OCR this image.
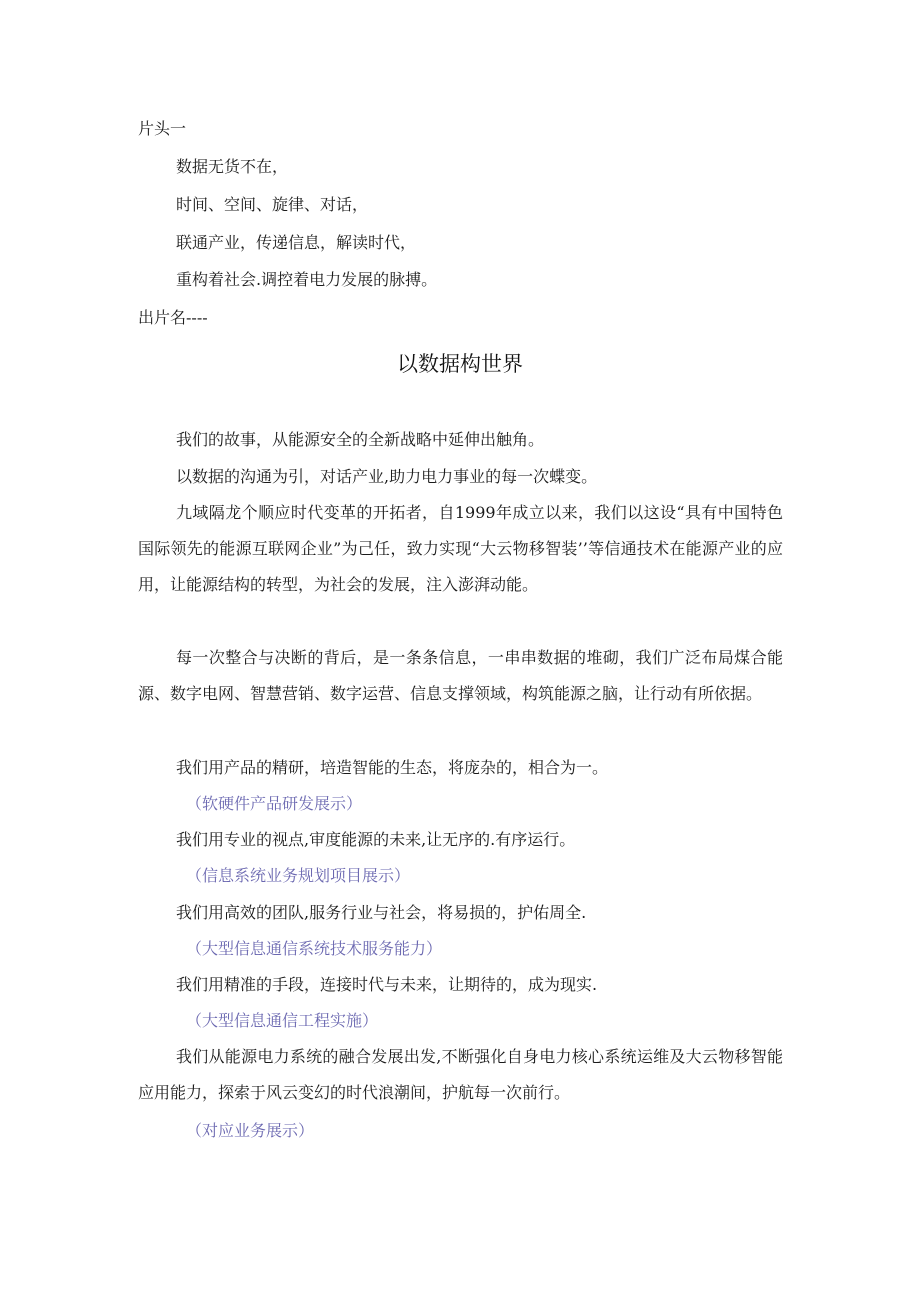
片头一
数据无货不在，
时间、空间、旋律、对话，
联通产业，传递信息，解读时代，
重构着社会.调控着电力发展的脉搏。
出片名----
以数据构世界
我们的故事，从能源安全的全新战略中延伸出触角。
以数据的沟通为引，对话产业,助力电力事业的每一次蝶变。
九域隔龙个顺应时代变革的开拓者，自1999年成立以来，我们以这设“具有中国特色国际领先的能源互联网企业”为己任，致力实现“大云物移智装’’等信通技术在能源产业的应用，让能源结构的转型，为社会的发展，注入澎湃动能。
每一次整合与决断的背后，是一条条信息，一串串数据的堆砌，我们广泛布局煤合能源、数字电网、智慧营销、数字运营、信息支撑领域，构筑能源之脑，让行动有所依据。
我们用产品的精研，培造智能的生态，将庞杂的，相合为一。
（软硬件产品研发展示）
我们用专业的视点,审度能源的未来,让无序的.有序运行。
（信息系统业务规划项目展示）
我们用高效的团队,服务行业与社会，将易损的，护佑周全.
（大型信息通信系统技术服务能力）
我们用精准的手段，连接时代与未来，让期待的，成为现实.
（大型信息通信工程实施）
我们从能源电力系统的融合发展出发,不断强化自身电力核心系统运维及大云物移智能应用能力，探索于风云变幻的时代浪潮间，护航每一次前行。
（对应业务展示）
